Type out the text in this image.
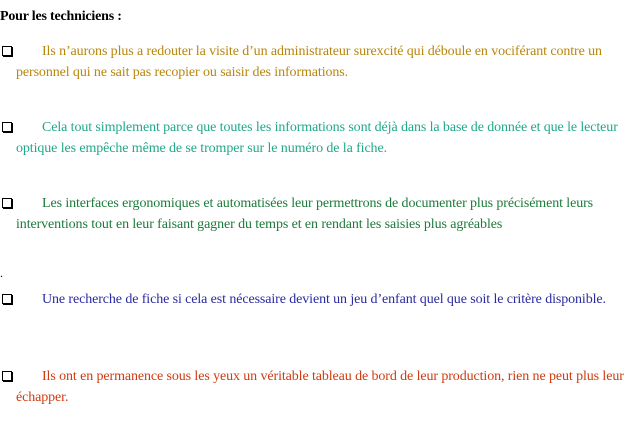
Pour les techniciens :
Ils n’aurons plus a redouter la visite d’un administrateur surexcité qui déboule en vociférant contre un personnel qui ne sait pas recopier ou saisir des informations.
Cela tout simplement parce que toutes les informations sont déjà dans la base de donnée et que le lecteur optique les empêche même de se tromper sur le numéro de la fiche.
Les interfaces ergonomiques et automatisées leur permettrons de documenter plus précisément leurs interventions tout en leur faisant gagner du temps et en rendant les saisies plus agréables
.
Une recherche de fiche si cela est nécessaire devient un jeu d’enfant quel que soit le critère disponible.
Ils ont en permanence sous les yeux un véritable tableau de bord de leur production, rien ne peut plus leur échapper.
